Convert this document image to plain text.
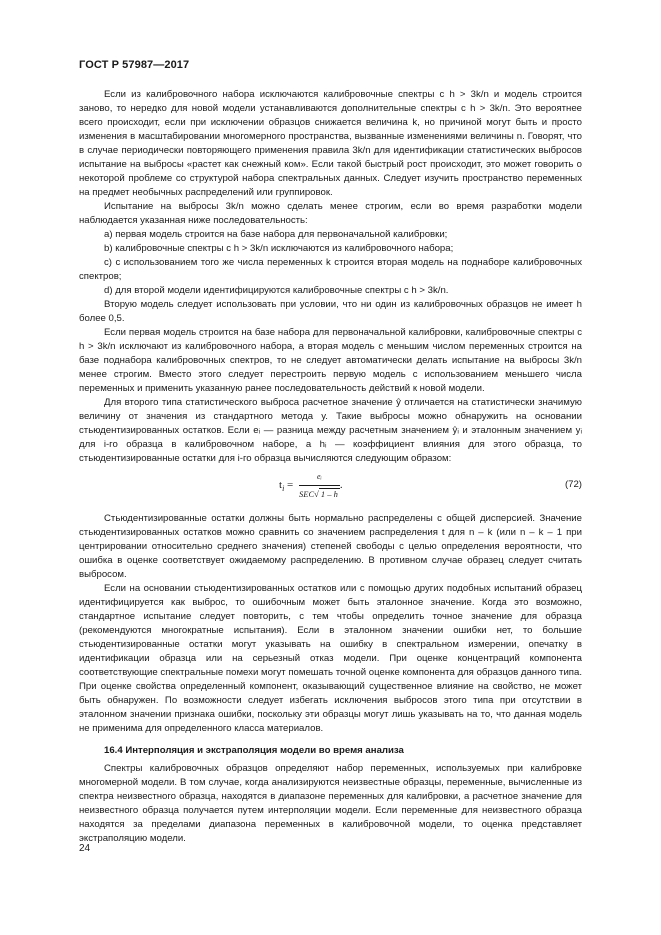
ГОСТ Р 57987—2017

Если из калибровочного набора исключаются калибровочные спектры с h > 3k/n и модель строится заново, то нередко для новой модели устанавливаются дополнительные спектры с h > 3k/n. Это вероятнее всего происходит, если при исключении образцов снижается величина k, но причиной могут быть и просто изменения в масштабировании многомерного пространства, вызванные изменениями величины n. Говорят, что в случае периодически повторяющего применения правила 3k/n для идентификации статистических выбросов испытание на выбросы «растет как снежный ком». Если такой быстрый рост происходит, это может говорить о некоторой проблеме со структурой набора спектральных данных. Следует изучить пространство переменных на предмет необычных распределений или группировок.

Испытание на выбросы 3k/n можно сделать менее строгим, если во время разработки модели наблюдается указанная ниже последовательность:

а) первая модель строится на базе набора для первоначальной калибровки;

b) калибровочные спектры с h > 3k/n исключаются из калибровочного набора;

с) с использованием того же числа переменных k строится вторая модель на поднаборе калибровочных спектров;

d) для второй модели идентифицируются калибровочные спектры с h > 3k/n.

Вторую модель следует использовать при условии, что ни один из калибровочных образцов не имеет h более 0,5.

Если первая модель строится на базе набора для первоначальной калибровки, калибровочные спектры с h > 3k/n исключают из калибровочного набора, а вторая модель с меньшим числом переменных строится на базе поднабора калибровочных спектров, то не следует автоматически делать испытание на выбросы 3k/n менее строгим. Вместо этого следует перестроить первую модель с использованием меньшего числа переменных и применить указанную ранее последовательность действий к новой модели.

Для второго типа статистического выброса расчетное значение ŷ отличается на статистически значимую величину от значения из стандартного метода y. Такие выбросы можно обнаружить на основании стьюдентизированных остатков. Если eᵢ — разница между расчетным значением ŷᵢ и эталонным значением yᵢ для i-го образца в калибровочном наборе, а hᵢ — коэффициент влияния для этого образца, то стьюдентизированные остатки для i-го образца вычисляются следующим образом:

$t_i = \frac{\text{eᵢ}}{\text{SEC√ 1 – h}}$ .	(72)

Стьюдентизированные остатки должны быть нормально распределены с общей дисперсией. Значение стьюдентизированных остатков можно сравнить со значением распределения t для n – k (или n – k – 1 при центрировании относительно среднего значения) степеней свободы с целью определения вероятности, что ошибка в оценке соответствует ожидаемому распределению. В противном случае образец следует считать выбросом.

Если на основании стьюдентизированных остатков или с помощью других подобных испытаний образец идентифицируется как выброс, то ошибочным может быть эталонное значение. Когда это возможно, стандартное испытание следует повторить, с тем чтобы определить точное значение для образца (рекомендуются многократные испытания). Если в эталонном значении ошибки нет, то большие стьюдентизированные остатки могут указывать на ошибку в спектральном измерении, опечатку в идентификации образца или на серьезный отказ модели. При оценке концентраций компонента соответствующие спектральные помехи могут помешать точной оценке компонента для образцов данного типа. При оценке свойства определенный компонент, оказывающий существенное влияние на свойство, не может быть обнаружен. По возможности следует избегать исключения выбросов этого типа при отсутствии в эталонном значении признака ошибки, поскольку эти образцы могут лишь указывать на то, что данная модель не применима для определенного класса материалов.

16.4 Интерполяция и экстраполяция модели во время анализа

Спектры калибровочных образцов определяют набор переменных, используемых при калибровке многомерной модели. В том случае, когда анализируются неизвестные образцы, переменные, вычисленные из спектра неизвестного образца, находятся в диапазоне переменных для калибровки, а расчетное значение для неизвестного образца получается путем интерполяции модели. Если переменные для неизвестного образца находятся за пределами диапазона переменных в калибровочной модели, то оценка представляет экстраполяцию модели.

24
